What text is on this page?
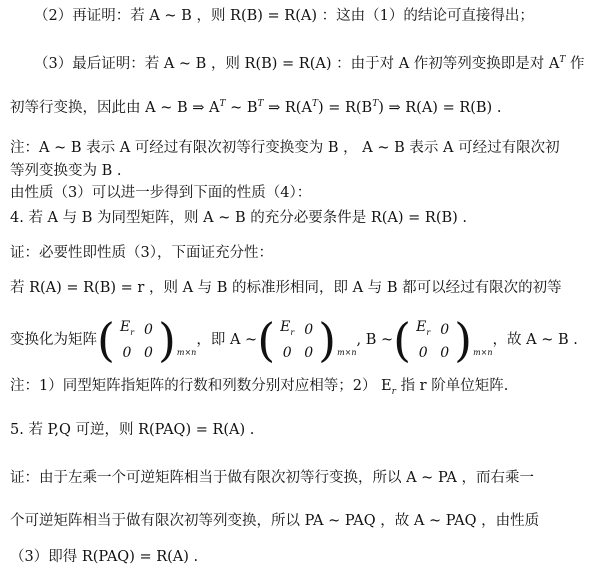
（2）再证明：若 A ~ B ，则 R(B) = R(A) ：这由（1）的结论可直接得出；
（3）最后证明：若 A ~ B ，则 R(B) = R(A) ：由于对 A 作初等列变换即是对 $A^T$ 作
初等行变换，因此由 A ~ B ⇒ $A^T$ ~ $B^T$ ⇒ $R(A^T) = R(B^T)$ ⇒ R(A) = R(B) .
注：A ~ B 表示 A 可经过有限次初等行变换变为 B ， A ~ B 表示 A 可经过有限次初
等列变换变为 B .
由性质（3）可以进一步得到下面的性质（4）：
4. 若 A 与 B 为同型矩阵，则 A ~ B 的充分必要条件是 R(A) = R(B) .
证：必要性即性质（3），下面证充分性：
若 R(A) = R(B) = r ，则 A 与 B 的标准形相同，即 A 与 B 都可以经过有限次的初等
变换化为矩阵 ( $E_r$	0
0	0 ) m×n
，即 A ~ ( $E_r$	0
0	0 ) m×n
, B ~ ( $E_r$	0
0	0 ) m×n
，故 A ~ B .
注：1）同型矩阵指矩阵的行数和列数分别对应相等；2） $E_r$ 指 r 阶单位矩阵.
5. 若 P,Q 可逆，则 R(PAQ) = R(A) .
证：由于左乘一个可逆矩阵相当于做有限次初等行变换，所以 A ~ PA ，而右乘一
个可逆矩阵相当于做有限次初等列变换，所以 PA ~ PAQ ，故 A ~ PAQ ，由性质
（3）即得 R(PAQ) = R(A) .
